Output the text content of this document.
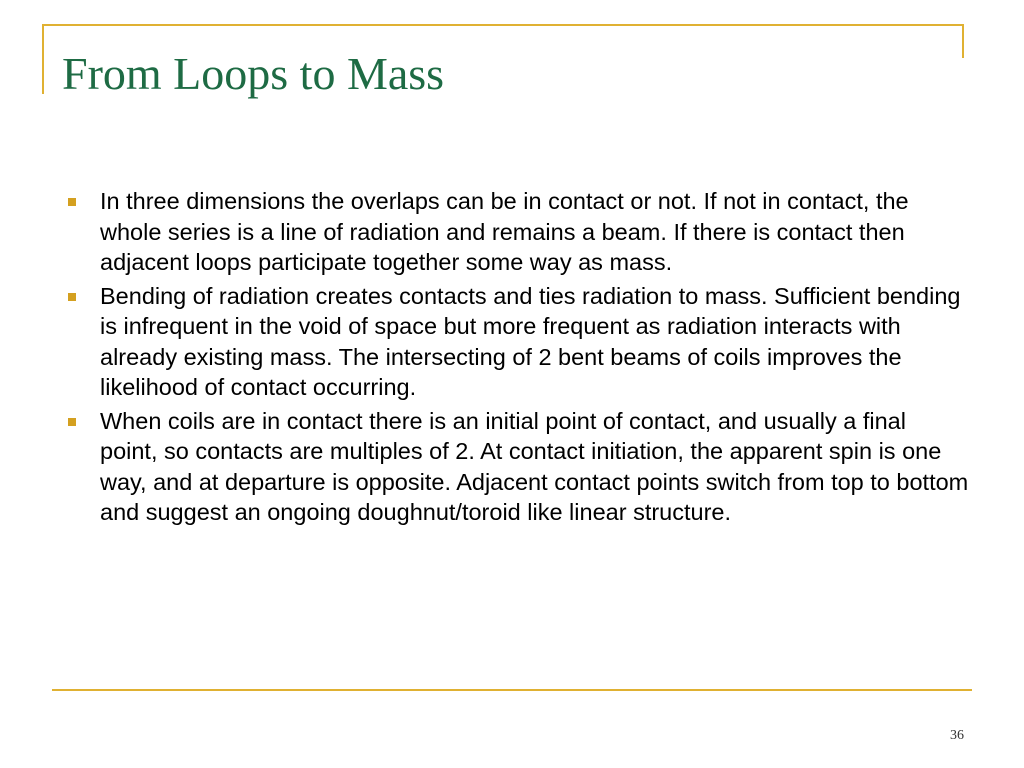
From Loops to Mass
In three dimensions the overlaps can be in contact or not. If not in contact, the whole series is a line of radiation and remains a beam. If there is contact then adjacent loops participate together some way as mass.
Bending of radiation creates contacts and ties radiation to mass. Sufficient bending is infrequent in the void of space but more frequent as radiation interacts with already existing mass. The intersecting of 2 bent beams of coils improves the likelihood of contact occurring.
When coils are in contact there is an initial point of contact, and usually a final point, so contacts are multiples of 2. At contact initiation, the apparent spin is one way, and at departure is opposite. Adjacent contact points switch from top to bottom and suggest an ongoing doughnut/toroid like linear structure.
36
